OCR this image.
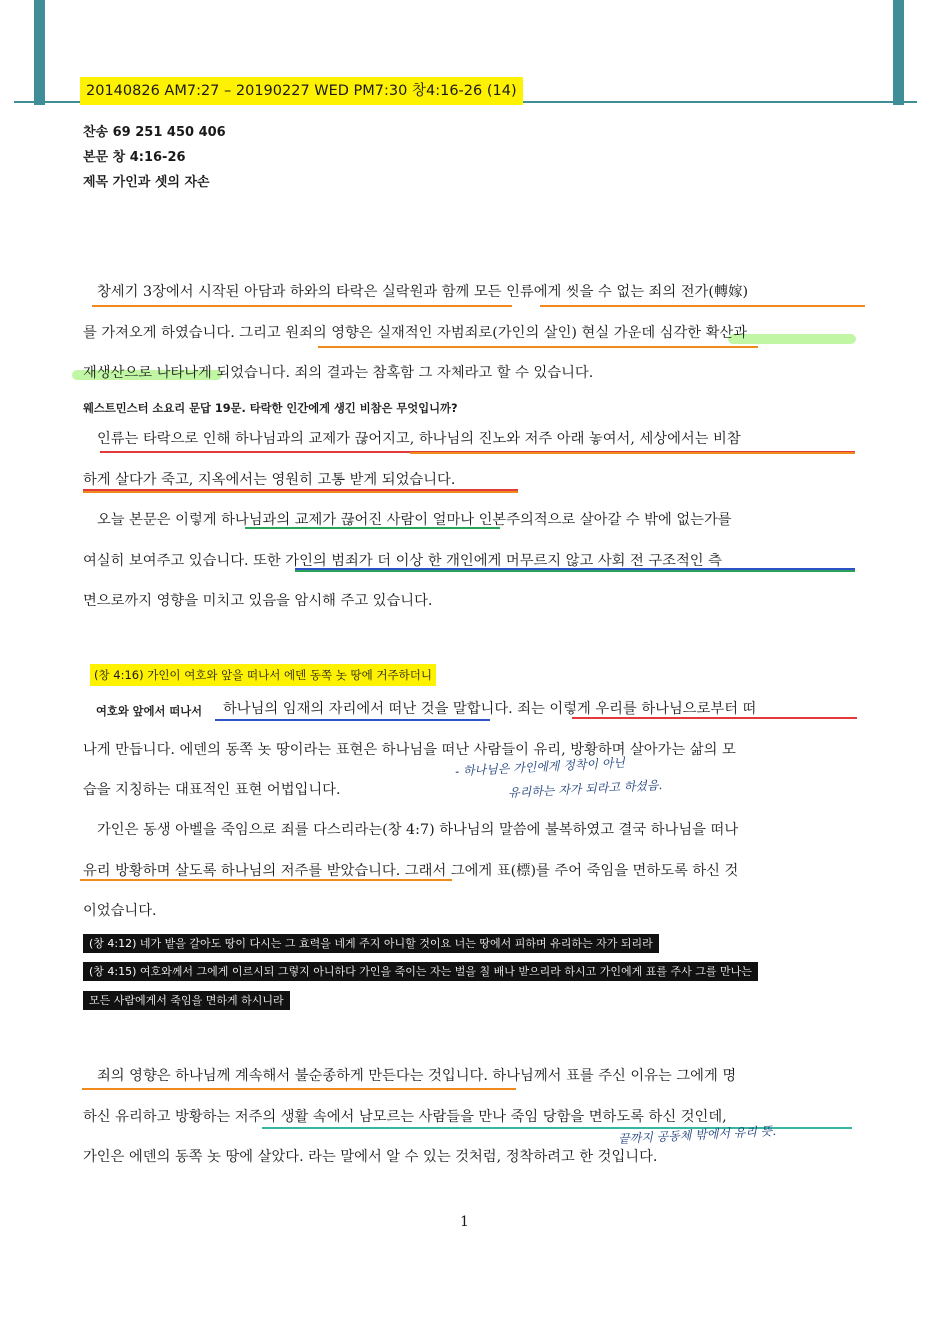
20140826 AM7:27 – 20190227 WED PM7:30 창4:16-26 (14)
찬송 69 251 450 406
본문 창 4:16-26
제목 가인과 셋의 자손
창세기 3장에서 시작된 아담과 하와의 타락은 실락원과 함께 모든 인류에게 씻을 수 없는 죄의 전가(轉嫁)
를 가져오게 하였습니다. 그리고 원죄의 영향은 실재적인 자범죄로(가인의 살인) 현실 가운데 심각한 확산과
재생산으로 나타나게 되었습니다. 죄의 결과는 참혹함 그 자체라고 할 수 있습니다.
웨스트민스터 소요리 문답 19문. 타락한 인간에게 생긴 비참은 무엇입니까?
인류는 타락으로 인해 하나님과의 교제가 끊어지고, 하나님의 진노와 저주 아래 놓여서, 세상에서는 비참
하게 살다가 죽고, 지옥에서는 영원히 고통 받게 되었습니다.
오늘 본문은 이렇게 하나님과의 교제가 끊어진 사람이 얼마나 인본주의적으로 살아갈 수 밖에 없는가를
여실히 보여주고 있습니다. 또한 가인의 범죄가 더 이상 한 개인에게 머무르지 않고 사회 전 구조적인 측
면으로까지 영향을 미치고 있음을 암시해 주고 있습니다.
(창 4:16) 가인이 여호와 앞을 떠나서 에덴 동쪽 놋 땅에 거주하더니
여호와 앞에서 떠나서	하나님의 임재의 자리에서 떠난 것을 말합니다. 죄는 이렇게 우리를 하나님으로부터 떠
나게 만듭니다. 에덴의 동쪽 놋 땅이라는 표현은 하나님을 떠난 사람들이 유리, 방황하며 살아가는 삶의 모
습을 지칭하는 대표적인 표현 어법입니다.
- 하나님은 가인에게 정착이 아닌
유리하는 자가 되라고 하셨음.
가인은 동생 아벨을 죽임으로 죄를 다스리라는(창 4:7) 하나님의 말씀에 불복하였고 결국 하나님을 떠나
유리 방황하며 살도록 하나님의 저주를 받았습니다. 그래서 그에게 표(標)를 주어 죽임을 면하도록 하신 것
이었습니다.
(창 4:12) 네가 밭을 갈아도 땅이 다시는 그 효력을 네게 주지 아니할 것이요 너는 땅에서 피하며 유리하는 자가 되리라
(창 4:15) 여호와께서 그에게 이르시되 그렇지 아니하다 가인을 죽이는 자는 벌을 칠 배나 받으리라 하시고 가인에게 표를 주사 그를 만나는
모든 사람에게서 죽임을 면하게 하시니라
죄의 영향은 하나님께 계속해서 불순종하게 만든다는 것입니다. 하나님께서 표를 주신 이유는 그에게 명
하신 유리하고 방황하는 저주의 생활 속에서 남모르는 사람들을 만나 죽임 당함을 면하도록 하신 것인데,
가인은 에덴의 동쪽 놋 땅에 살았다. 라는 말에서 알 수 있는 것처럼, 정착하려고 한 것입니다.
끝까지 공동체 밖에서 유리 뜻.
1
